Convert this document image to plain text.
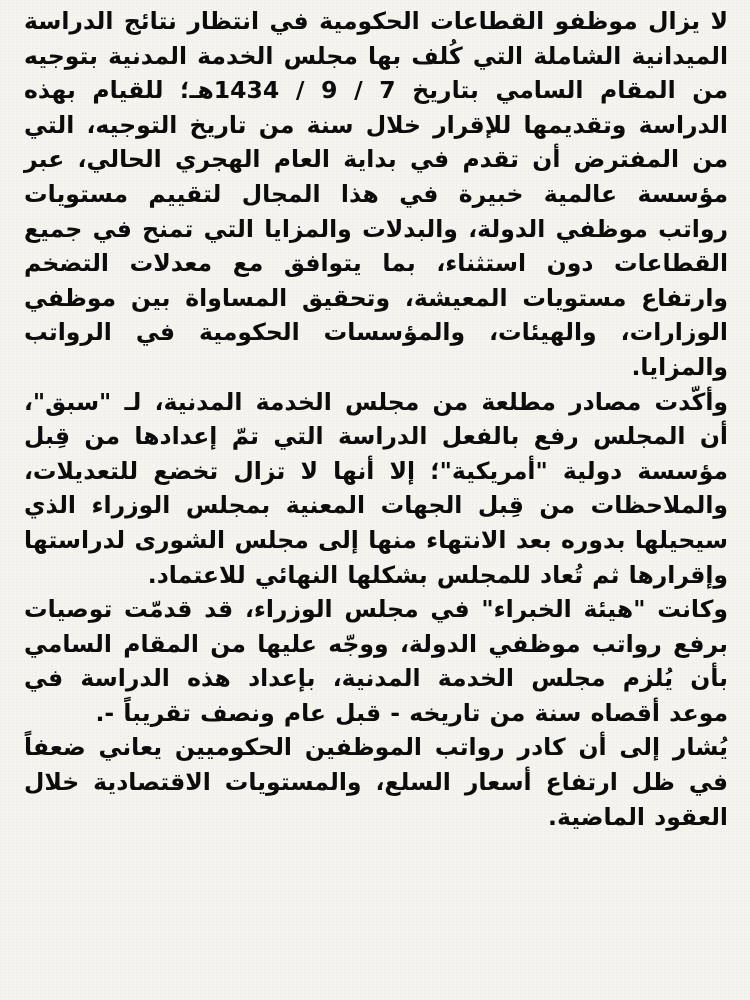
لا يزال موظفو القطاعات الحكومية في انتظار نتائج الدراسة الميدانية الشاملة التي كُلف بها مجلس الخدمة المدنية بتوجيه من المقام السامي بتاريخ 7 / 9 / 1434هـ؛ للقيام بهذه الدراسة وتقديمها للإقرار خلال سنة من تاريخ التوجيه، التي من المفترض أن تقدم في بداية العام الهجري الحالي، عبر مؤسسة عالمية خبيرة في هذا المجال لتقييم مستويات رواتب موظفي الدولة، والبدلات والمزايا التي تمنح في جميع القطاعات دون استثناء، بما يتوافق مع معدلات التضخم وارتفاع مستويات المعيشة، وتحقيق المساواة بين موظفي الوزارات، والهيئات، والمؤسسات الحكومية في الرواتب والمزايا.

وأكّدت مصادر مطلعة من مجلس الخدمة المدنية، لـ "سبق"، أن المجلس رفع بالفعل الدراسة التي تمّ إعدادها من قِبل مؤسسة دولية "أمريكية"؛ إلا أنها لا تزال تخضع للتعديلات، والملاحظات من قِبل الجهات المعنية بمجلس الوزراء الذي سيحيلها بدوره بعد الانتهاء منها إلى مجلس الشورى لدراستها وإقرارها ثم تُعاد للمجلس بشكلها النهائي للاعتماد.

وكانت "هيئة الخبراء" في مجلس الوزراء، قد قدمّت توصيات برفع رواتب موظفي الدولة، ووجّه عليها من المقام السامي بأن يُلزم مجلس الخدمة المدنية، بإعداد هذه الدراسة في موعد أقصاه سنة من تاريخه - قبل عام ونصف تقريباً -.

يُشار إلى أن كادر رواتب الموظفين الحكوميين يعاني ضعفاً في ظل ارتفاع أسعار السلع، والمستويات الاقتصادية خلال العقود الماضية.
